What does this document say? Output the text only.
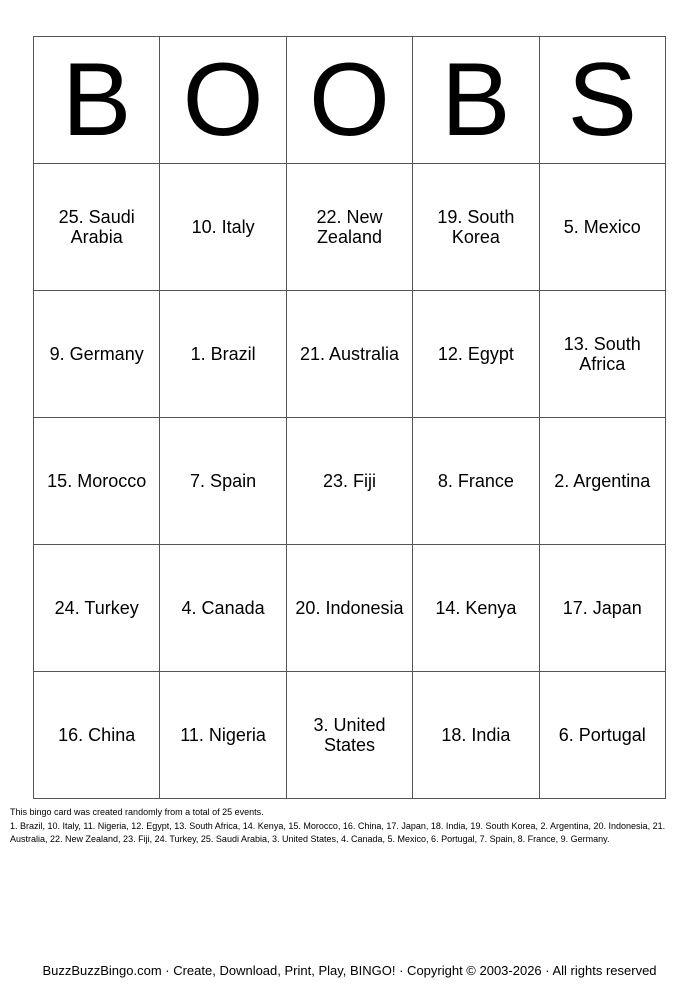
B	O	O	B	S
25. Saudi Arabia	10. Italy	22. New Zealand	19. South Korea	5. Mexico
9. Germany	1. Brazil	21. Australia	12. Egypt	13. South Africa
15. Morocco	7. Spain	23. Fiji	8. France	2. Argentina
24. Turkey	4. Canada	20. Indonesia	14. Kenya	17. Japan
16. China	11. Nigeria	3. United States	18. India	6. Portugal
This bingo card was created randomly from a total of 25 events.
1. Brazil, 10. Italy, 11. Nigeria, 12. Egypt, 13. South Africa, 14. Kenya, 15. Morocco, 16. China, 17. Japan, 18. India, 19. South Korea, 2. Argentina, 20. Indonesia, 21. Australia, 22. New Zealand, 23. Fiji, 24. Turkey, 25. Saudi Arabia, 3. United States, 4. Canada, 5. Mexico, 6. Portugal, 7. Spain, 8. France, 9. Germany.
BuzzBuzzBingo.com · Create, Download, Print, Play, BINGO! · Copyright © 2003-2026 · All rights reserved
